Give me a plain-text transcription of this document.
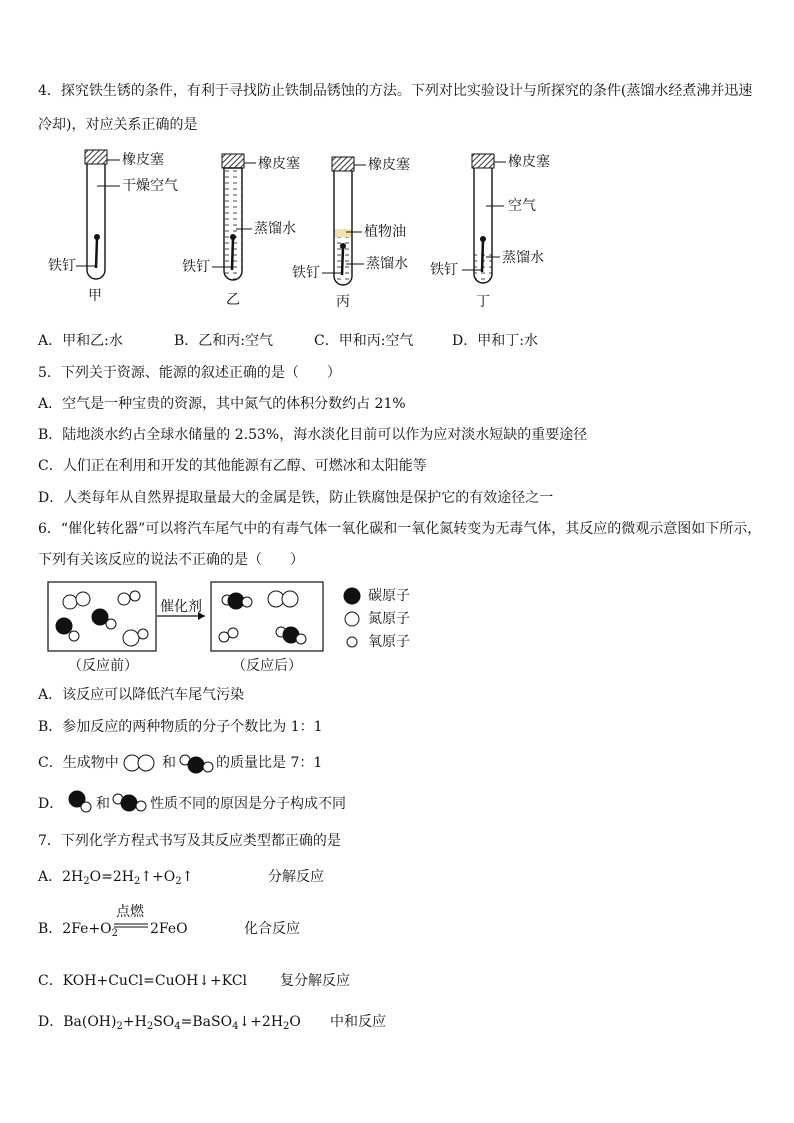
4．探究铁生锈的条件，有利于寻找防止铁制品锈蚀的方法。下列对比实验设计与所探究的条件(蒸馏水经煮沸并迅速
冷却)，对应关系正确的是
橡皮塞
干燥空气
铁钉
甲
橡皮塞
蒸馏水
铁钉
乙
橡皮塞
植物油
蒸馏水
铁钉
丙
橡皮塞
空气
蒸馏水
铁钉
丁
A．甲和乙:水	B．乙和丙:空气	C．甲和丙:空气	D．甲和丁:水
5．下列关于资源、能源的叙述正确的是（　　）
A．空气是一种宝贵的资源，其中氮气的体积分数约占 21%
B．陆地淡水约占全球水储量的 2.53%，海水淡化目前可以作为应对淡水短缺的重要途径
C．人们正在利用和开发的其他能源有乙醇、可燃冰和太阳能等
D．人类每年从自然界提取量最大的金属是铁，防止铁腐蚀是保护它的有效途径之一
6．“催化转化器”可以将汽车尾气中的有毒气体一氧化碳和一氧化氮转变为无毒气体，其反应的微观示意图如下所示，
下列有关该反应的说法不正确的是（　　）
催化剂
（反应前）	（反应后）
碳原子
氮原子
氧原子
A．该反应可以降低汽车尾气污染
B．参加反应的两种物质的分子个数比为 1：1
C．生成物中	和	的质量比是 7：1
D． 和	性质不同的原因是分子构成不同
7．下列化学方程式书写及其反应类型都正确的是
A．$2H_2O=2H_2↑+O_2↑$	分解反应
点燃
B．$2Fe+O_2$ 2FeO	化合反应
C．KOH+CuCl=CuOH↓+KCl 复分解反应
D．$Ba(OH)_2+H_2SO_4=BaSO_4↓+2H_2O$ 中和反应
